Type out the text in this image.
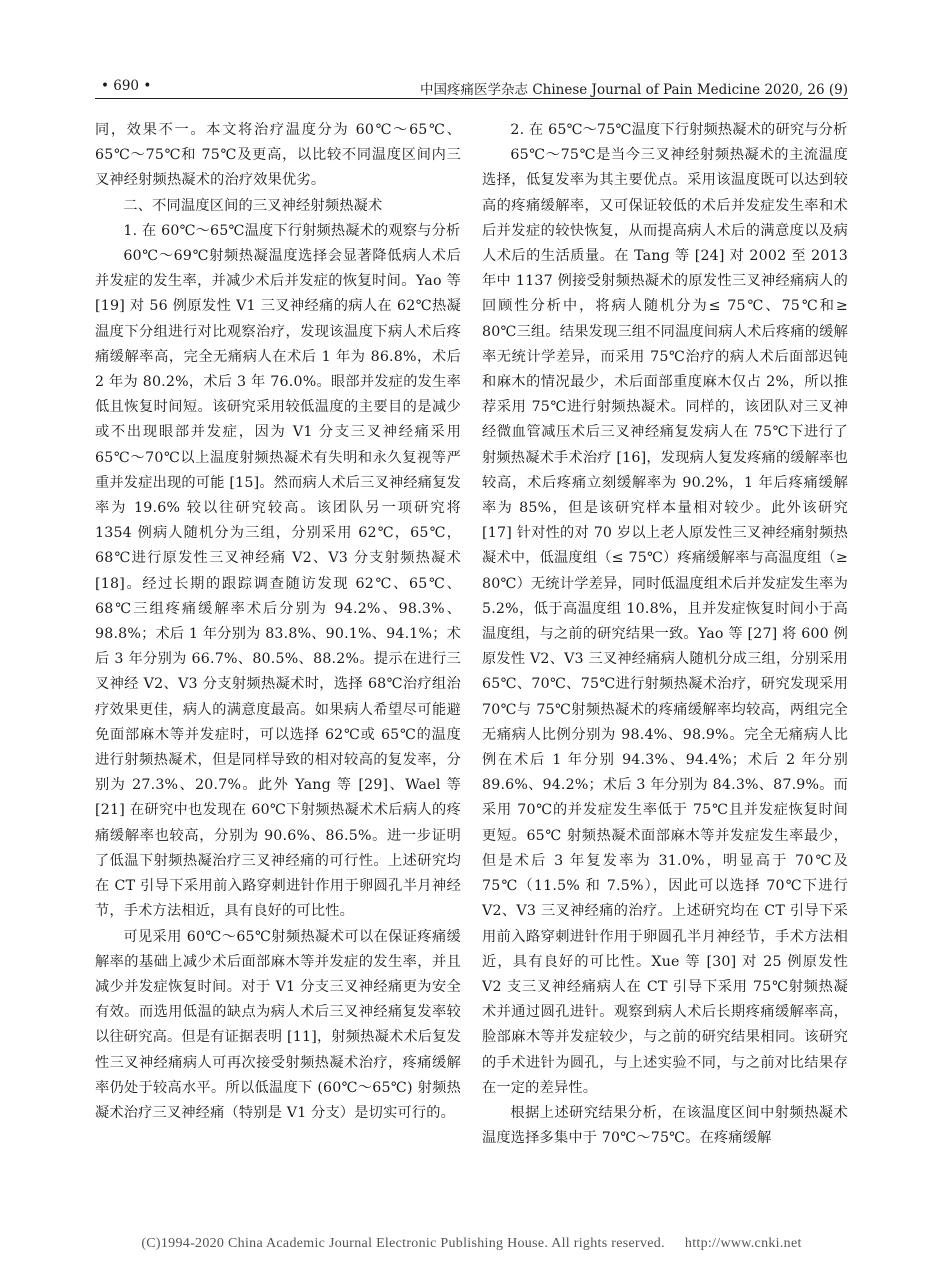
• 690 •	中国疼痛医学杂志 Chinese Journal of Pain Medicine 2020, 26 (9)

同，效果不一。本文将治疗温度分为 60℃～65℃、65℃～75℃和 75℃及更高，以比较不同温度区间内三叉神经射频热凝术的治疗效果优劣。

二、不同温度区间的三叉神经射频热凝术

1. 在 60℃～65℃温度下行射频热凝术的观察与分析

60℃～69℃射频热凝温度选择会显著降低病人术后并发症的发生率，并减少术后并发症的恢复时间。Yao 等 [19] 对 56 例原发性 V1 三叉神经痛的病人在 62℃热凝温度下分组进行对比观察治疗，发现该温度下病人术后疼痛缓解率高，完全无痛病人在术后 1 年为 86.8%，术后 2 年为 80.2%，术后 3 年 76.0%。眼部并发症的发生率低且恢复时间短。该研究采用较低温度的主要目的是减少或不出现眼部并发症，因为 V1 分支三叉神经痛采用 65℃～70℃以上温度射频热凝术有失明和永久复视等严重并发症出现的可能 [15]。然而病人术后三叉神经痛复发率为 19.6% 较以往研究较高。该团队另一项研究将 1354 例病人随机分为三组，分别采用 62℃，65℃，68℃进行原发性三叉神经痛 V2、V3 分支射频热凝术 [18]。经过长期的跟踪调查随访发现 62℃、65℃、68℃三组疼痛缓解率术后分别为 94.2%、98.3%、98.8%；术后 1 年分别为 83.8%、90.1%、94.1%；术后 3 年分别为 66.7%、80.5%、88.2%。提示在进行三叉神经 V2、V3 分支射频热凝术时，选择 68℃治疗组治疗效果更佳，病人的满意度最高。如果病人希望尽可能避免面部麻木等并发症时，可以选择 62℃或 65℃的温度进行射频热凝术，但是同样导致的相对较高的复发率，分别为 27.3%、20.7%。此外 Yang 等 [29]、Wael 等 [21] 在研究中也发现在 60℃下射频热凝术术后病人的疼痛缓解率也较高，分别为 90.6%、86.5%。进一步证明了低温下射频热凝治疗三叉神经痛的可行性。上述研究均在 CT 引导下采用前入路穿刺进针作用于卵圆孔半月神经节，手术方法相近，具有良好的可比性。

可见采用 60℃～65℃射频热凝术可以在保证疼痛缓解率的基础上减少术后面部麻木等并发症的发生率，并且减少并发症恢复时间。对于 V1 分支三叉神经痛更为安全有效。而选用低温的缺点为病人术后三叉神经痛复发率较以往研究高。但是有证据表明 [11]，射频热凝术术后复发性三叉神经痛病人可再次接受射频热凝术治疗，疼痛缓解率仍处于较高水平。所以低温度下 (60℃～65℃) 射频热凝术治疗三叉神经痛（特别是 V1 分支）是切实可行的。

2. 在 65℃～75℃温度下行射频热凝术的研究与分析

65℃～75℃是当今三叉神经射频热凝术的主流温度选择，低复发率为其主要优点。采用该温度既可以达到较高的疼痛缓解率，又可保证较低的术后并发症发生率和术后并发症的较快恢复，从而提高病人术后的满意度以及病人术后的生活质量。在 Tang 等 [24] 对 2002 至 2013 年中 1137 例接受射频热凝术的原发性三叉神经痛病人的回顾性分析中，将病人随机分为≤ 75℃、75℃和≥ 80℃三组。结果发现三组不同温度间病人术后疼痛的缓解率无统计学差异，而采用 75℃治疗的病人术后面部迟钝和麻木的情况最少，术后面部重度麻木仅占 2%，所以推荐采用 75℃进行射频热凝术。同样的，该团队对三叉神经微血管减压术后三叉神经痛复发病人在 75℃下进行了射频热凝术手术治疗 [16]，发现病人复发疼痛的缓解率也较高，术后疼痛立刻缓解率为 90.2%，1 年后疼痛缓解率为 85%，但是该研究样本量相对较少。此外该研究 [17] 针对性的对 70 岁以上老人原发性三叉神经痛射频热凝术中，低温度组（≤ 75℃）疼痛缓解率与高温度组（≥ 80℃）无统计学差异，同时低温度组术后并发症发生率为 5.2%，低于高温度组 10.8%，且并发症恢复时间小于高温度组，与之前的研究结果一致。Yao 等 [27] 将 600 例原发性 V2、V3 三叉神经痛病人随机分成三组，分别采用 65℃、70℃、75℃进行射频热凝术治疗，研究发现采用 70℃与 75℃射频热凝术的疼痛缓解率均较高，两组完全无痛病人比例分别为 98.4%、98.9%。完全无痛病人比例在术后 1 年分别 94.3%、94.4%；术后 2 年分别 89.6%、94.2%；术后 3 年分别为 84.3%、87.9%。而采用 70℃的并发症发生率低于 75℃且并发症恢复时间更短。65℃ 射频热凝术面部麻木等并发症发生率最少，但是术后 3 年复发率为 31.0%，明显高于 70℃及 75℃（11.5% 和 7.5%），因此可以选择 70℃下进行 V2、V3 三叉神经痛的治疗。上述研究均在 CT 引导下采用前入路穿刺进针作用于卵圆孔半月神经节，手术方法相近，具有良好的可比性。Xue 等 [30] 对 25 例原发性 V2 支三叉神经痛病人在 CT 引导下采用 75℃射频热凝术并通过圆孔进针。观察到病人术后长期疼痛缓解率高，脸部麻木等并发症较少，与之前的研究结果相同。该研究的手术进针为圆孔，与上述实验不同，与之前对比结果存在一定的差异性。

根据上述研究结果分析，在该温度区间中射频热凝术温度选择多集中于 70℃～75℃。在疼痛缓解

(C)1994-2020 China Academic Journal Electronic Publishing House. All rights reserved. http://www.cnki.net
